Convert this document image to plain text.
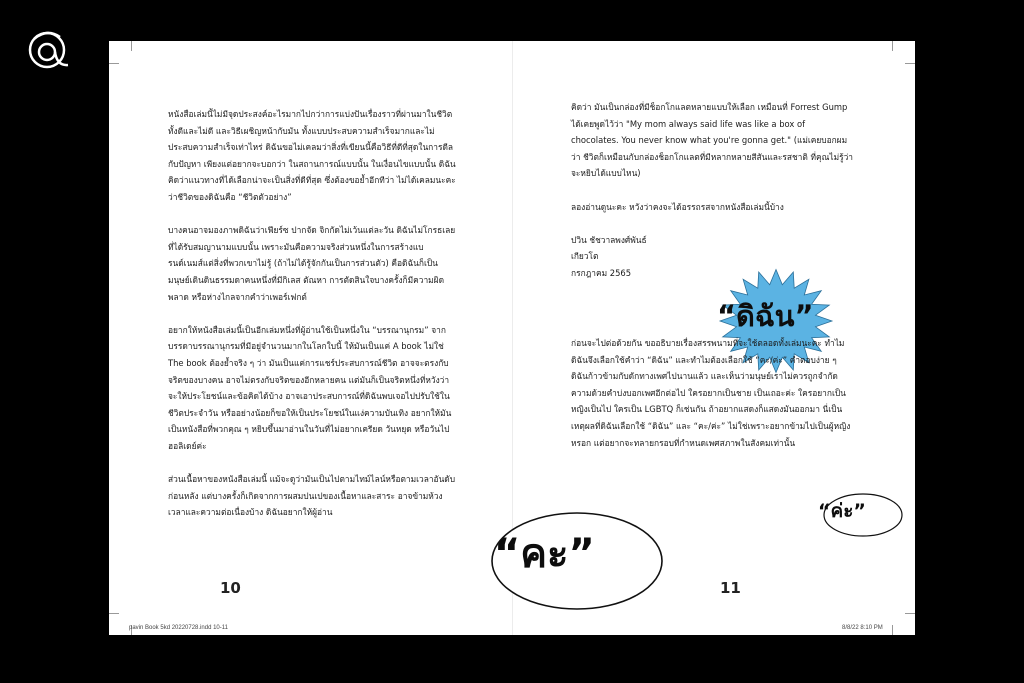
หนังสือเล่มนี้ไม่มีจุดประสงค์อะไรมากไปกว่าการแบ่งปันเรื่องราวที่ผ่านมาในชีวิต ทั้งดีและไม่ดี และวิธีเผชิญหน้ากับมัน ทั้งแบบประสบความสำเร็จมากและไม่ประสบความสำเร็จเท่าไหร่ ดิฉันขอไม่เคลมว่าสิ่งที่เขียนนี้คือวิธีที่ดีที่สุดในการดีลกับปัญหา เพียงแต่อยากจะบอกว่า ในสถานการณ์แบบนั้น ในเงื่อนไขแบบนั้น ดิฉันคิดว่าแนวทางที่ได้เลือกน่าจะเป็นสิ่งที่ดีที่สุด ซึ่งต้องขอย้ำอีกทีว่า ไม่ได้เคลมนะคะว่าชีวิตของดิฉันคือ “ชีวิตตัวอย่าง”

บางคนอาจมองภาพดิฉันว่าเฟียร์ซ ปากจัด จิกกัดไม่เว้นแต่ละวัน ดิฉันไม่โกรธเลยที่ได้รับสมญานามแบบนั้น เพราะมันคือความจริงส่วนหนึ่งในการสร้างแบรนด์เนมส์แต่สิ่งที่พวกเขาไม่รู้ (ถ้าไม่ได้รู้จักกันเป็นการส่วนตัว) คือดิฉันก็เป็นมนุษย์เดินดินธรรมดาคนหนึ่งที่มีกิเลส ตัณหา การตัดสินใจบางครั้งก็มีความผิดพลาด หรือห่างไกลจากคำว่าเพอร์เฟกต์

อยากให้หนังสือเล่มนี้เป็นอีกเล่มหนึ่งที่ผู้อ่านใช้เป็นหนึ่งใน “บรรณานุกรม” จากบรรดาบรรณานุกรมที่มีอยู่จำนวนมากในโลกใบนี้ ให้มันเป็นแค่ A book ไม่ใช่ The book ต้องย้ำจริง ๆ ว่า มันเป็นแค่การแชร์ประสบการณ์ชีวิต อาจจะตรงกับจริตของบางคน อาจไม่ตรงกับจริตของอีกหลายคน แต่มันก็เป็นจริตหนึ่งที่หวังว่าจะให้ประโยชน์และข้อคิดได้บ้าง อาจเอาประสบการณ์ที่ดิฉันพบเจอไปปรับใช้ในชีวิตประจำวัน หรืออย่างน้อยก็ขอให้เป็นประโยชน์ในแง่ความบันเทิง อยากให้มันเป็นหนังสือที่พวกคุณ ๆ หยิบขึ้นมาอ่านในวันที่ไม่อยากเครียด วันหยุด หรือวันไปฮอลิเดย์ค่ะ

ส่วนเนื้อหาของหนังสือเล่มนี้ แม้จะดูว่ามันเป็นไปตามไทม์ไลน์หรือตามเวลาอันดับก่อนหลัง แต่บางครั้งก็เกิดจากการผสมปนเปของเนื้อหาและสาระ อาจข้ามห้วงเวลาและความต่อเนื่องบ้าง ดิฉันอยากให้ผู้อ่าน

คิดว่า มันเป็นกล่องที่มีช็อกโกแลตหลายแบบให้เลือก เหมือนที่ Forrest Gump ได้เคยพูดไว้ว่า "My mom always said life was like a box of chocolates. You never know what you're gonna get." (แม่เคยบอกผมว่า ชีวิตก็เหมือนกับกล่องช็อกโกแลตที่มีหลากหลายสีสันและรสชาติ ที่คุณไม่รู้ว่าจะหยิบได้แบบไหน)

ลองอ่านดูนะคะ หวังว่าคงจะได้อรรถรสจากหนังสือเล่มนี้บ้าง

ปวิน ชัชวาลพงศ์พันธ์

เกียวโต

กรกฎาคม 2565

“ดิฉัน”

ก่อนจะไปต่อด้วยกัน ขออธิบายเรื่องสรรพนามที่จะใช้ตลอดทั้งเล่มนะคะ ทำไมดิฉันจึงเลือกใช้คำว่า “ดิฉัน” และทำไมต้องเลือกใช้ “คะ/ค่ะ” คำตอบง่าย ๆ ดิฉันก้าวข้ามกับดักทางเพศไปนานแล้ว และเห็นว่ามนุษย์เราไม่ควรถูกจำกัดความด้วยคำบ่งบอกเพศอีกต่อไป ใครอยากเป็นชาย เป็นเถอะค่ะ ใครอยากเป็นหญิงเป็นไป ใครเป็น LGBTQ ก็เช่นกัน ถ้าอยากแสดงก็แสดงมันออกมา นี่เป็นเหตุผลที่ดิฉันเลือกใช้ “ดิฉัน” และ “คะ/ค่ะ” ไม่ใช่เพราะอยากข้ามไปเป็นผู้หญิงหรอก แต่อยากจะทลายกรอบที่กำหนดเพศสภาพในสังคมเท่านั้น

“คะ”
“ค่ะ”
10	11
pavin Book 5kd 20220728.indd 10-11	8/8/22 8:10 PM
